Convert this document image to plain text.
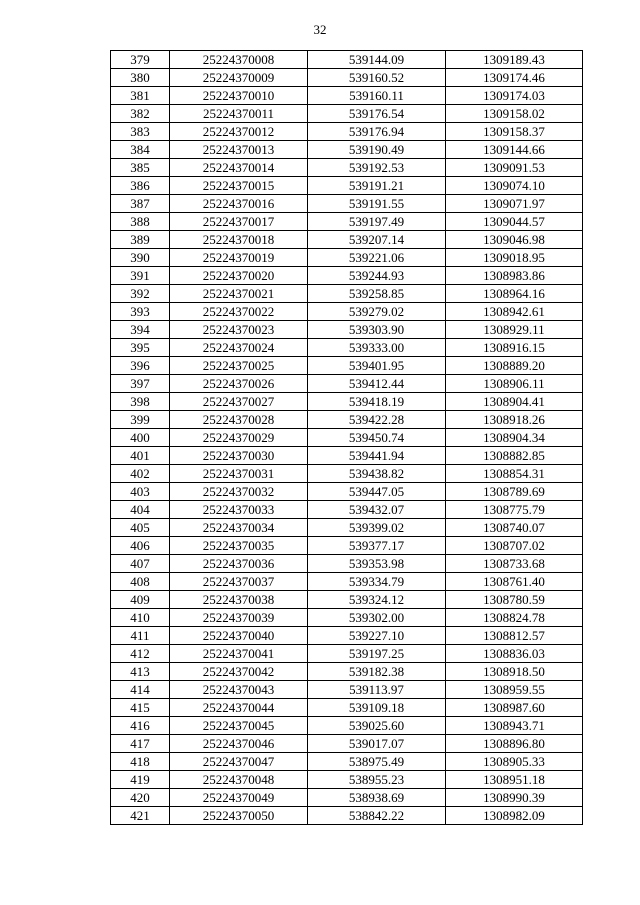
32
379	25224370008	539144.09	1309189.43
380	25224370009	539160.52	1309174.46
381	25224370010	539160.11	1309174.03
382	25224370011	539176.54	1309158.02
383	25224370012	539176.94	1309158.37
384	25224370013	539190.49	1309144.66
385	25224370014	539192.53	1309091.53
386	25224370015	539191.21	1309074.10
387	25224370016	539191.55	1309071.97
388	25224370017	539197.49	1309044.57
389	25224370018	539207.14	1309046.98
390	25224370019	539221.06	1309018.95
391	25224370020	539244.93	1308983.86
392	25224370021	539258.85	1308964.16
393	25224370022	539279.02	1308942.61
394	25224370023	539303.90	1308929.11
395	25224370024	539333.00	1308916.15
396	25224370025	539401.95	1308889.20
397	25224370026	539412.44	1308906.11
398	25224370027	539418.19	1308904.41
399	25224370028	539422.28	1308918.26
400	25224370029	539450.74	1308904.34
401	25224370030	539441.94	1308882.85
402	25224370031	539438.82	1308854.31
403	25224370032	539447.05	1308789.69
404	25224370033	539432.07	1308775.79
405	25224370034	539399.02	1308740.07
406	25224370035	539377.17	1308707.02
407	25224370036	539353.98	1308733.68
408	25224370037	539334.79	1308761.40
409	25224370038	539324.12	1308780.59
410	25224370039	539302.00	1308824.78
411	25224370040	539227.10	1308812.57
412	25224370041	539197.25	1308836.03
413	25224370042	539182.38	1308918.50
414	25224370043	539113.97	1308959.55
415	25224370044	539109.18	1308987.60
416	25224370045	539025.60	1308943.71
417	25224370046	539017.07	1308896.80
418	25224370047	538975.49	1308905.33
419	25224370048	538955.23	1308951.18
420	25224370049	538938.69	1308990.39
421	25224370050	538842.22	1308982.09
